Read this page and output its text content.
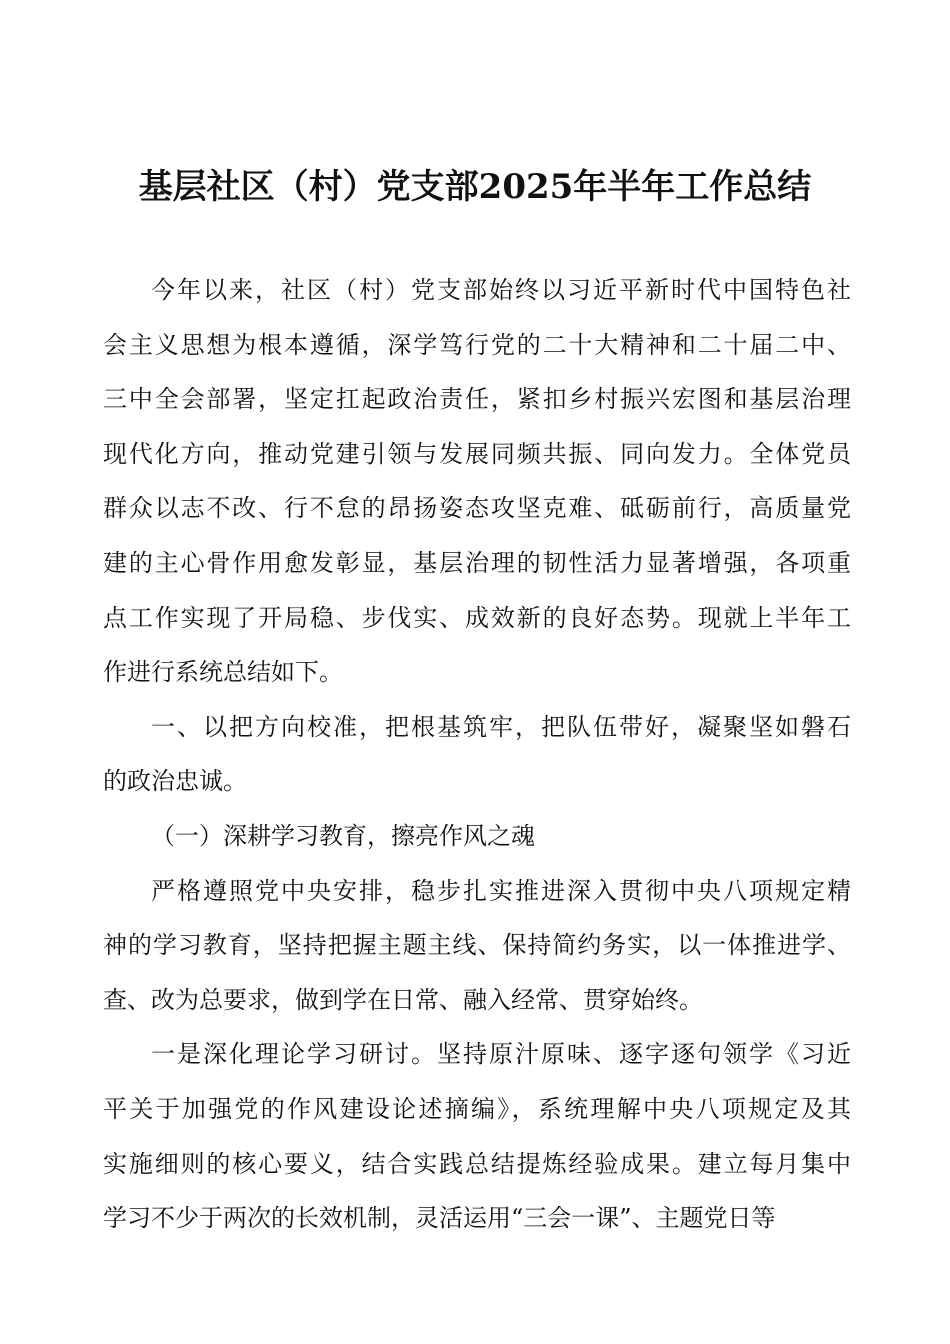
基层社区（村）党支部2025年半年工作总结
今年以来，社区（村）党支部始终以习近平新时代中国特色社
会主义思想为根本遵循，深学笃行党的二十大精神和二十届二中、
三中全会部署，坚定扛起政治责任，紧扣乡村振兴宏图和基层治理
现代化方向，推动党建引领与发展同频共振、同向发力。全体党员
群众以志不改、行不怠的昂扬姿态攻坚克难、砥砺前行，高质量党
建的主心骨作用愈发彰显，基层治理的韧性活力显著增强，各项重
点工作实现了开局稳、步伐实、成效新的良好态势。现就上半年工
作进行系统总结如下。
一、以把方向校准，把根基筑牢，把队伍带好，凝聚坚如磐石
的政治忠诚。
（一）深耕学习教育，擦亮作风之魂
严格遵照党中央安排，稳步扎实推进深入贯彻中央八项规定精
神的学习教育，坚持把握主题主线、保持简约务实，以一体推进学、
查、改为总要求，做到学在日常、融入经常、贯穿始终。
一是深化理论学习研讨。坚持原汁原味、逐字逐句领学《习近
平关于加强党的作风建设论述摘编》，系统理解中央八项规定及其
实施细则的核心要义，结合实践总结提炼经验成果。建立每月集中
学习不少于两次的长效机制，灵活运用“三会一课”、主题党日等
